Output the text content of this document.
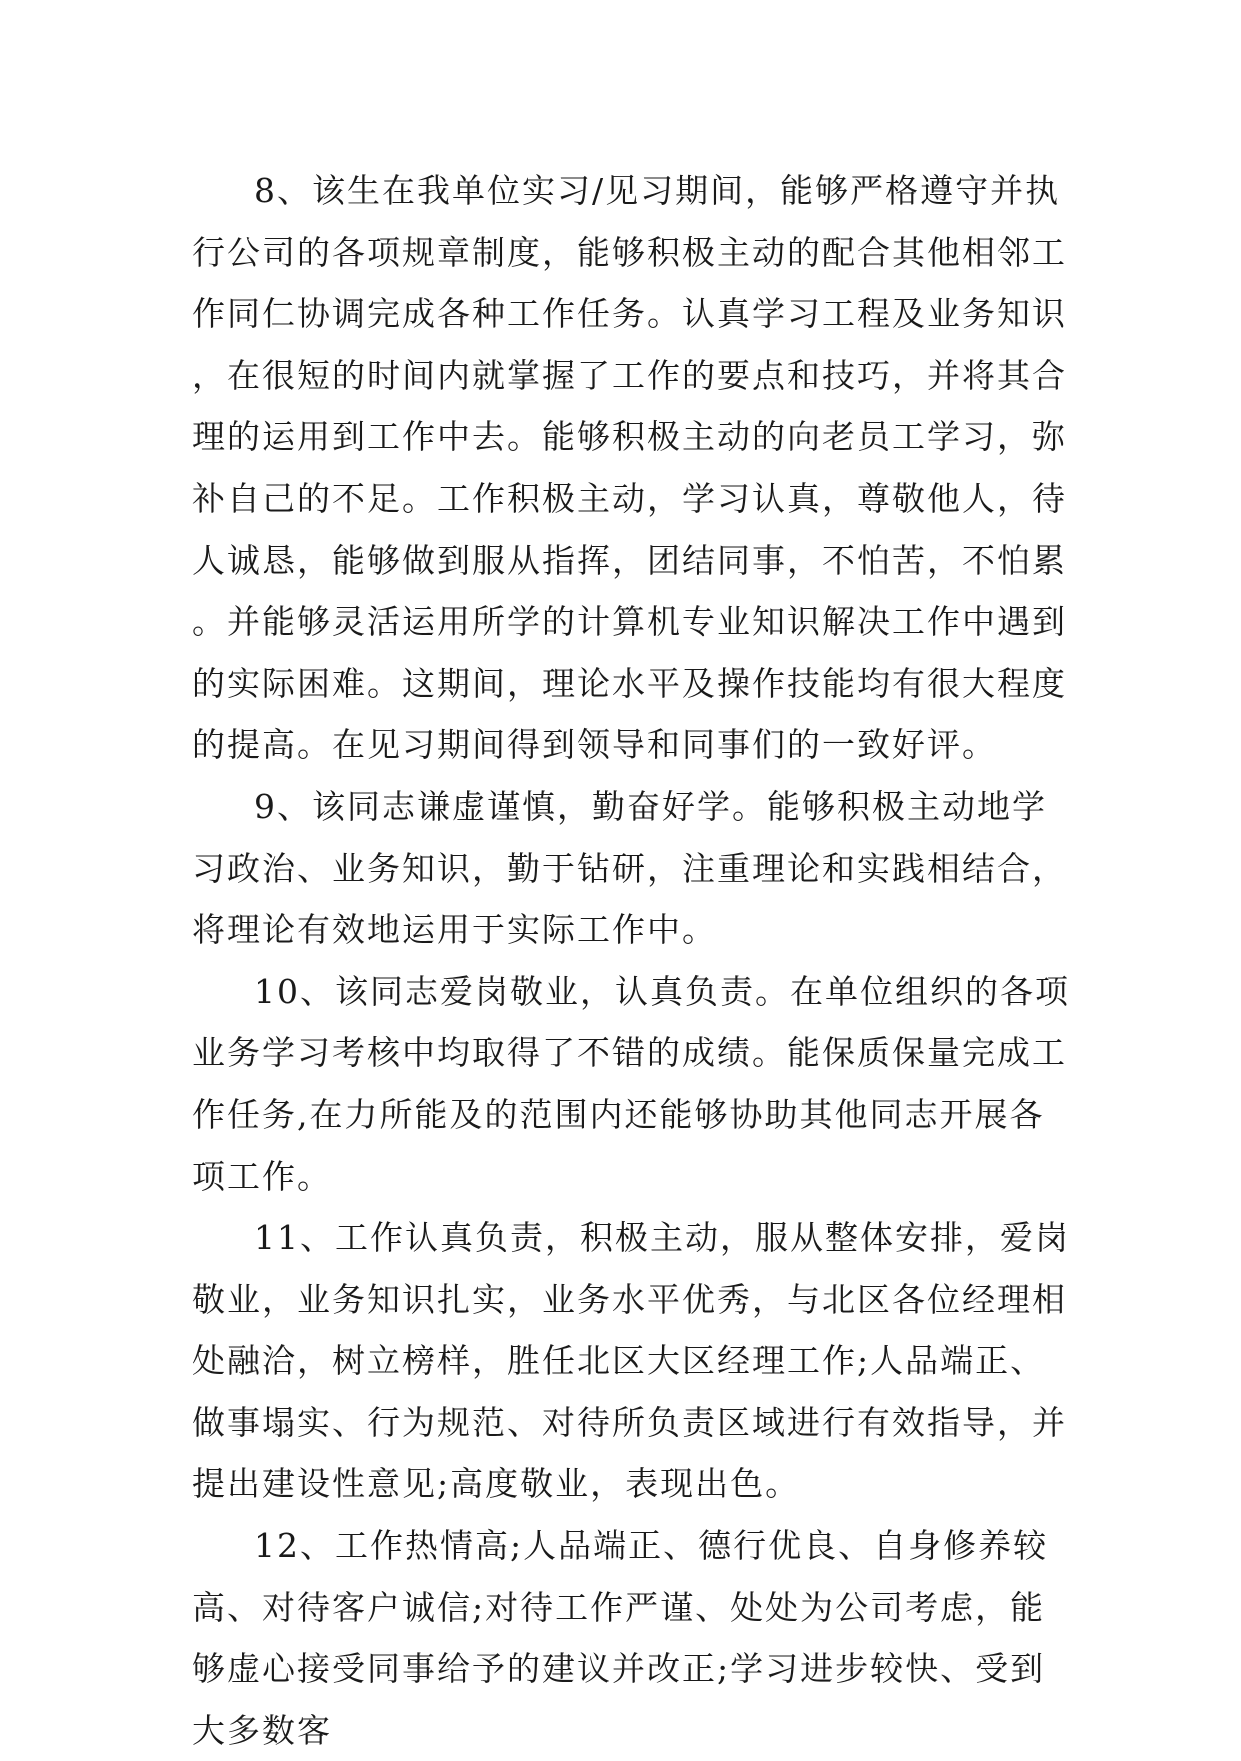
8、该生在我单位实习/见习期间，能够严格遵守并执行公司的各项规章制度，能够积极主动的配合其他相邻工作同仁协调完成各种工作任务。认真学习工程及业务知识，在很短的时间内就掌握了工作的要点和技巧，并将其合理的运用到工作中去。能够积极主动的向老员工学习，弥补自己的不足。工作积极主动，学习认真，尊敬他人，待人诚恳，能够做到服从指挥，团结同事，不怕苦，不怕累。并能够灵活运用所学的计算机专业知识解决工作中遇到的实际困难。这期间，理论水平及操作技能均有很大程度的提高。在见习期间得到领导和同事们的一致好评。

9、该同志谦虚谨慎，勤奋好学。能够积极主动地学习政治、业务知识，勤于钻研，注重理论和实践相结合，将理论有效地运用于实际工作中。

10、该同志爱岗敬业，认真负责。在单位组织的各项业务学习考核中均取得了不错的成绩。能保质保量完成工作任务,在力所能及的范围内还能够协助其他同志开展各项工作。

11、工作认真负责，积极主动，服从整体安排，爱岗敬业，业务知识扎实，业务水平优秀，与北区各位经理相处融洽，树立榜样，胜任北区大区经理工作;人品端正、做事塌实、行为规范、对待所负责区域进行有效指导，并提出建设性意见;高度敬业，表现出色。

12、工作热情高;人品端正、德行优良、自身修养较高、对待客户诚信;对待工作严谨、处处为公司考虑，能够虚心接受同事给予的建议并改正;学习进步较快、受到大多数客
